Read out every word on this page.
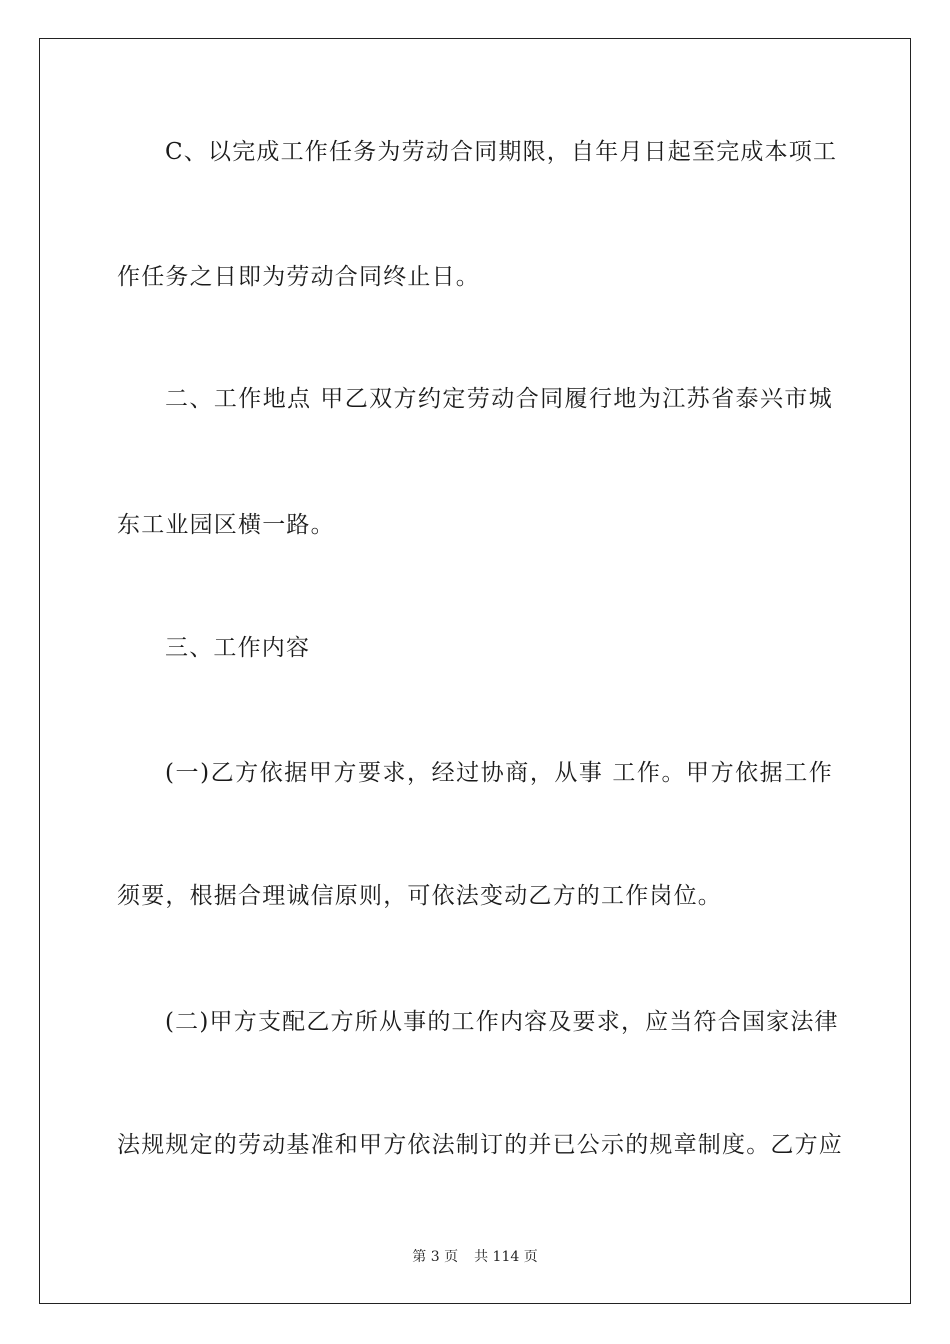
C、以完成工作任务为劳动合同期限，自年月日起至完成本项工
作任务之日即为劳动合同终止日。
二、工作地点 甲乙双方约定劳动合同履行地为江苏省泰兴市城
东工业园区横一路。
三、工作内容
(一)乙方依据甲方要求，经过协商，从事 工作。甲方依据工作
须要，根据合理诚信原则，可依法变动乙方的工作岗位。
(二)甲方支配乙方所从事的工作内容及要求，应当符合国家法律
法规规定的劳动基准和甲方依法制订的并已公示的规章制度。乙方应
第 3 页 共 114 页
